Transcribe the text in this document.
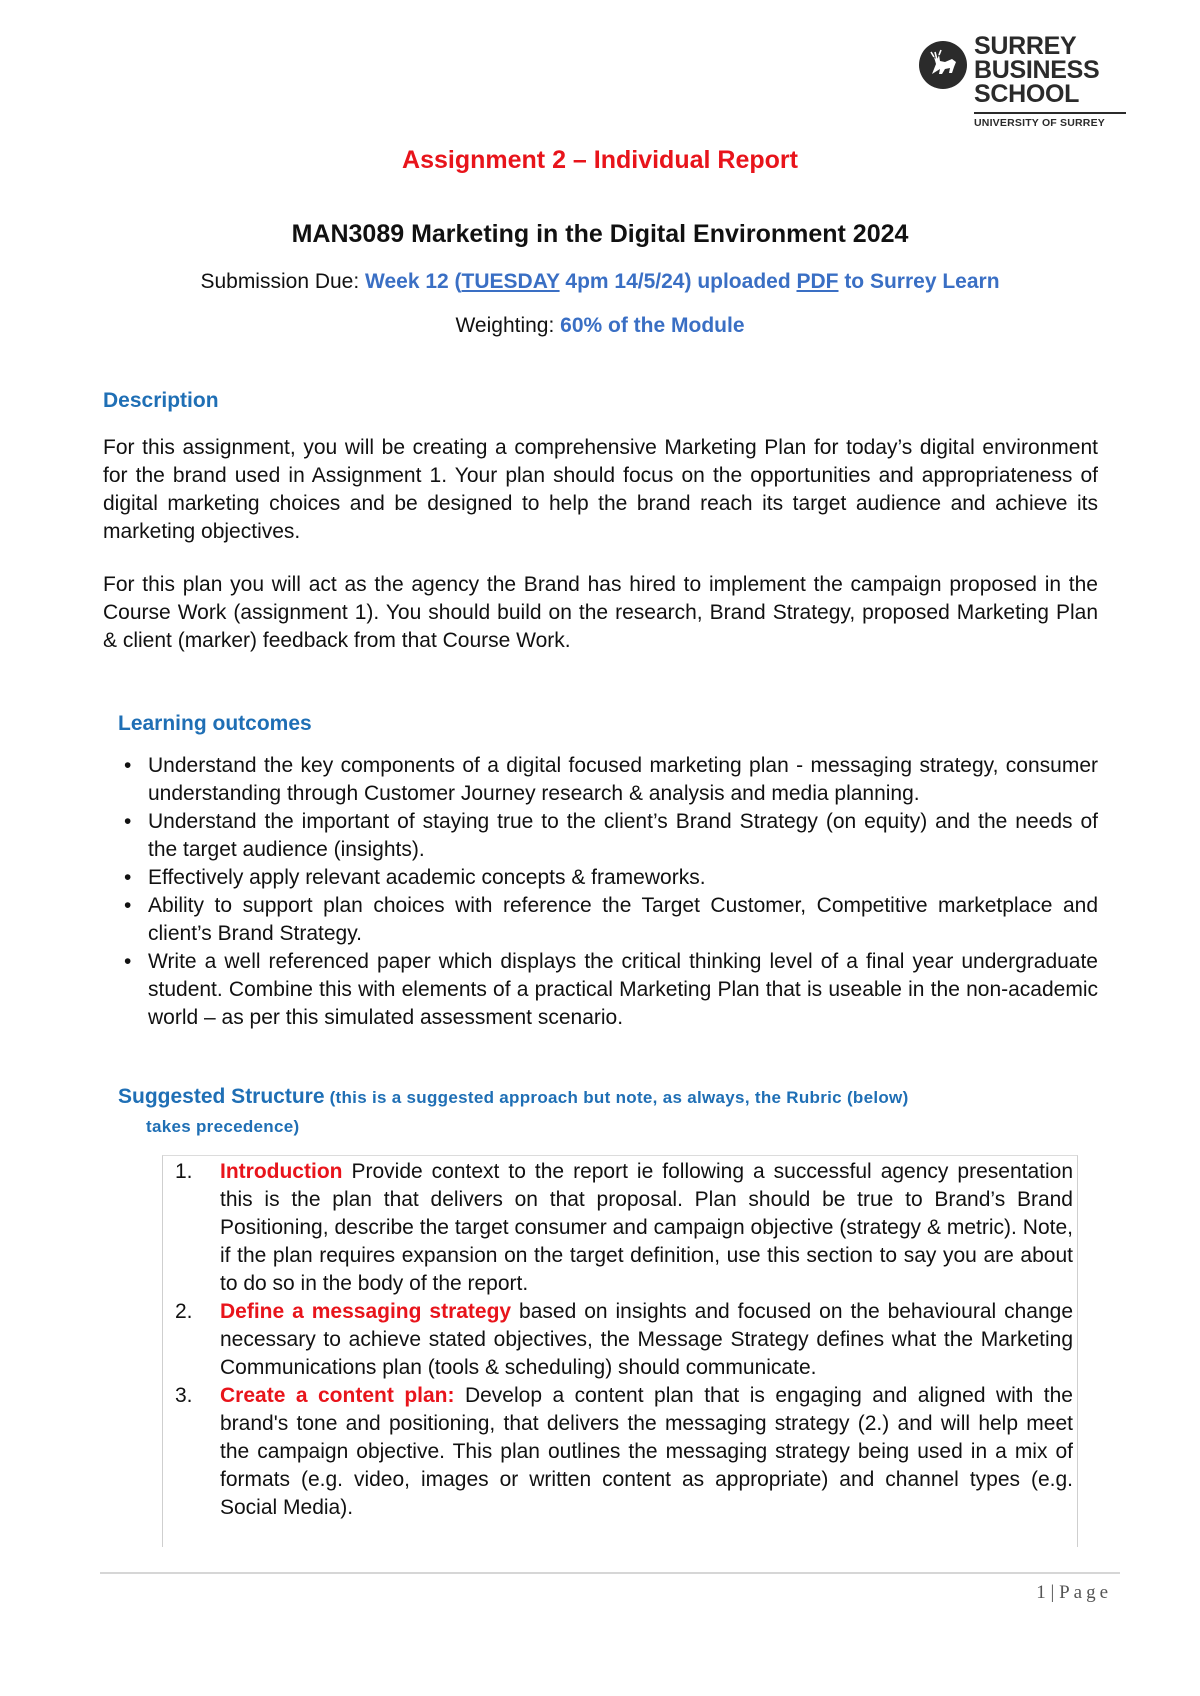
SURREY
BUSINESS
SCHOOL
UNIVERSITY OF SURREY
Assignment 2 – Individual Report
MAN3089 Marketing in the Digital Environment 2024
Submission Due: Week 12 (TUESDAY 4pm 14/5/24) uploaded PDF to Surrey Learn
Weighting: 60% of the Module
Description
For this assignment, you will be creating a comprehensive Marketing Plan for today’s digital environment for the brand used in Assignment 1. Your plan should focus on the opportunities and appropriateness of digital marketing choices and be designed to help the brand reach its target audience and achieve its marketing objectives.
For this plan you will act as the agency the Brand has hired to implement the campaign proposed in the Course Work (assignment 1). You should build on the research, Brand Strategy, proposed Marketing Plan & client (marker) feedback from that Course Work.
Learning outcomes
• Understand the key components of a digital focused marketing plan - messaging strategy, consumer understanding through Customer Journey research & analysis and media planning.
• Understand the important of staying true to the client’s Brand Strategy (on equity) and the needs of the target audience (insights).
• Effectively apply relevant academic concepts & frameworks.
• Ability to support plan choices with reference the Target Customer, Competitive marketplace and client’s Brand Strategy.
• Write a well referenced paper which displays the critical thinking level of a final year undergraduate student. Combine this with elements of a practical Marketing Plan that is useable in the non-academic world – as per this simulated assessment scenario.
Suggested Structure (this is a suggested approach but note, as always, the Rubric (below)
takes precedence)
1. Introduction Provide context to the report ie following a successful agency presentation this is the plan that delivers on that proposal. Plan should be true to Brand’s Brand Positioning, describe the target consumer and campaign objective (strategy & metric). Note, if the plan requires expansion on the target definition, use this section to say you are about to do so in the body of the report.
2. Define a messaging strategy based on insights and focused on the behavioural change necessary to achieve stated objectives, the Message Strategy defines what the Marketing Communications plan (tools & scheduling) should communicate.
3. Create a content plan: Develop a content plan that is engaging and aligned with the brand's tone and positioning, that delivers the messaging strategy (2.) and will help meet the campaign objective. This plan outlines the messaging strategy being used in a mix of formats (e.g. video, images or written content as appropriate) and channel types (e.g. Social Media).
1 | Page
